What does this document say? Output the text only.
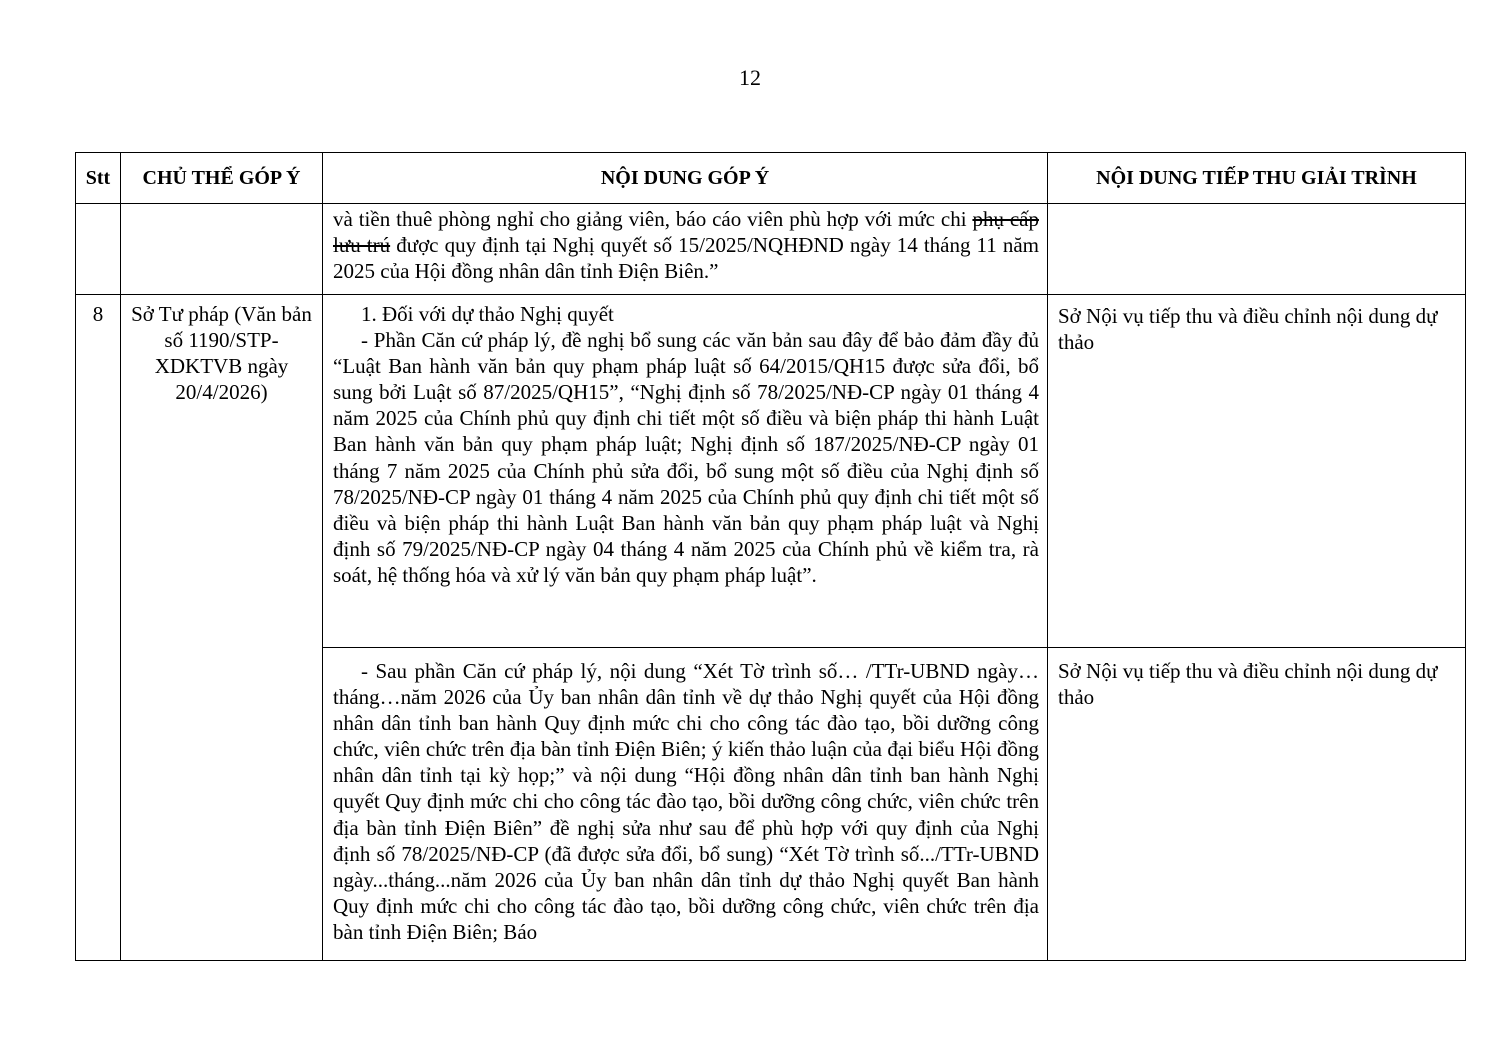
12
Stt	CHỦ THỂ GÓP Ý	NỘI DUNG GÓP Ý	NỘI DUNG TIẾP THU GIẢI TRÌNH

		và tiền thuê phòng nghỉ cho giảng viên, báo cáo viên phù hợp với mức chi phụ cấp lưu trú được quy định tại Nghị quyết số 15/2025/NQHĐND ngày 14 tháng 11 năm 2025 của Hội đồng nhân dân tỉnh Điện Biên.”	

8	Sở Tư pháp (Văn bản số 1190/STP-XDKTVB ngày 20/4/2026)	1. Đối với dự thảo Nghị quyết

- Phần Căn cứ pháp lý, đề nghị bổ sung các văn bản sau đây để bảo đảm đầy đủ “Luật Ban hành văn bản quy phạm pháp luật số 64/2015/QH15 được sửa đổi, bổ sung bởi Luật số 87/2025/QH15”, “Nghị định số 78/2025/NĐ-CP ngày 01 tháng 4 năm 2025 của Chính phủ quy định chi tiết một số điều và biện pháp thi hành Luật Ban hành văn bản quy phạm pháp luật; Nghị định số 187/2025/NĐ-CP ngày 01 tháng 7 năm 2025 của Chính phủ sửa đổi, bổ sung một số điều của Nghị định số 78/2025/NĐ-CP ngày 01 tháng 4 năm 2025 của Chính phủ quy định chi tiết một số điều và biện pháp thi hành Luật Ban hành văn bản quy phạm pháp luật và Nghị định số 79/2025/NĐ-CP ngày 04 tháng 4 năm 2025 của Chính phủ về kiểm tra, rà soát, hệ thống hóa và xử lý văn bản quy phạm pháp luật”.	Sở Nội vụ tiếp thu và điều chỉnh nội dung dự thảo

		- Sau phần Căn cứ pháp lý, nội dung “Xét Tờ trình số… /TTr-UBND ngày…tháng…năm 2026 của Ủy ban nhân dân tỉnh về dự thảo Nghị quyết của Hội đồng nhân dân tỉnh ban hành Quy định mức chi cho công tác đào tạo, bồi dưỡng công chức, viên chức trên địa bàn tỉnh Điện Biên; ý kiến thảo luận của đại biểu Hội đồng nhân dân tỉnh tại kỳ họp;” và nội dung “Hội đồng nhân dân tỉnh ban hành Nghị quyết Quy định mức chi cho công tác đào tạo, bồi dưỡng công chức, viên chức trên địa bàn tỉnh Điện Biên” đề nghị sửa như sau để phù hợp với quy định của Nghị định số 78/2025/NĐ-CP (đã được sửa đổi, bổ sung) “Xét Tờ trình số.../TTr-UBND ngày...tháng...năm 2026 của Ủy ban nhân dân tỉnh dự thảo Nghị quyết Ban hành Quy định mức chi cho công tác đào tạo, bồi dưỡng công chức, viên chức trên địa bàn tỉnh Điện Biên; Báo	Sở Nội vụ tiếp thu và điều chỉnh nội dung dự thảo
